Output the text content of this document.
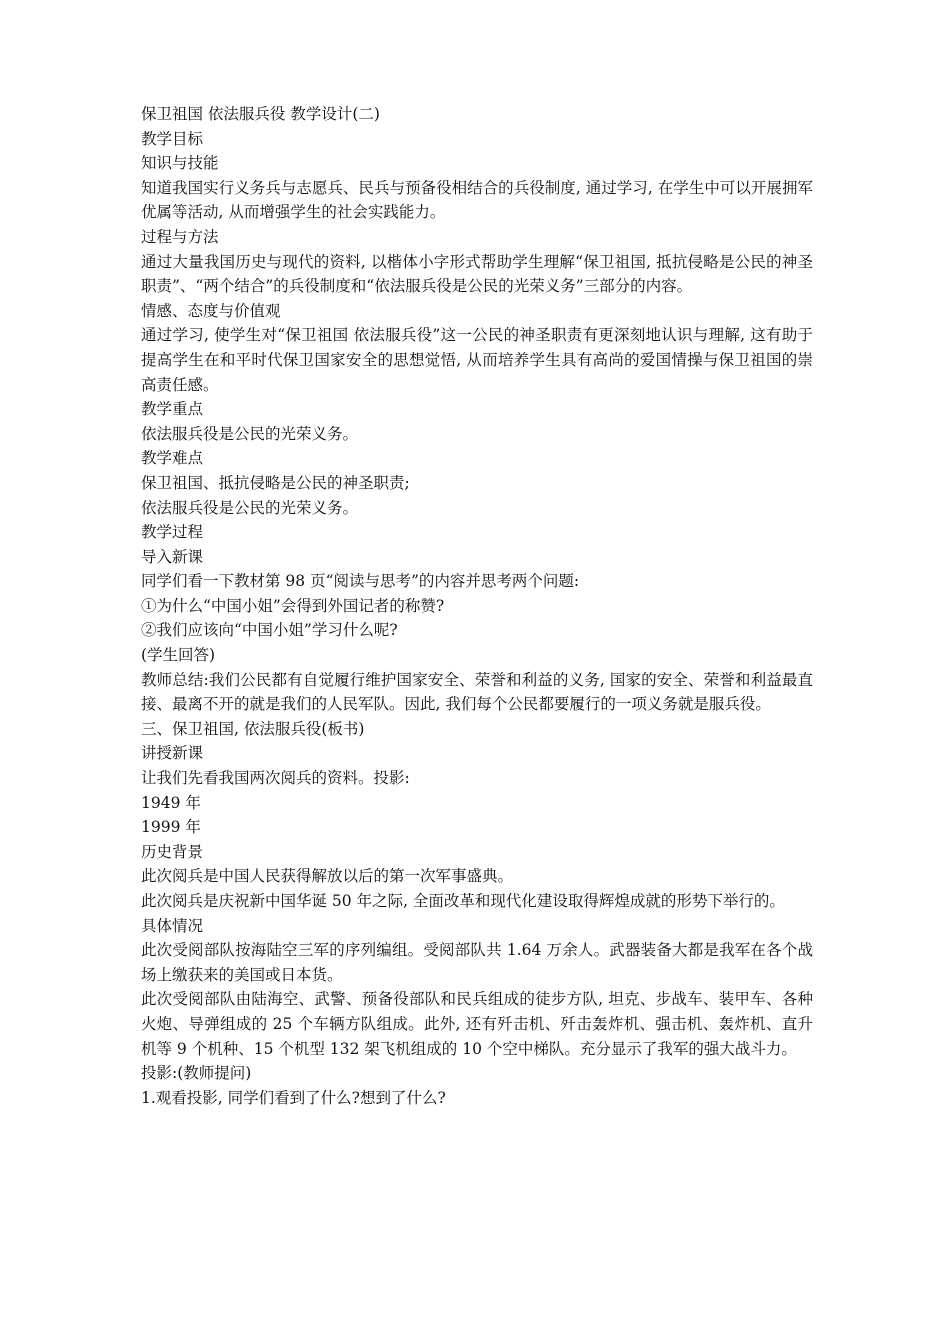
保卫祖国 依法服兵役 教学设计(二)

教学目标

知识与技能

知道我国实行义务兵与志愿兵、民兵与预备役相结合的兵役制度, 通过学习, 在学生中可以开展拥军优属等活动, 从而增强学生的社会实践能力。

过程与方法

通过大量我国历史与现代的资料, 以楷体小字形式帮助学生理解“保卫祖国, 抵抗侵略是公民的神圣职责”、“两个结合”的兵役制度和“依法服兵役是公民的光荣义务”三部分的内容。

情感、态度与价值观

通过学习, 使学生对“保卫祖国 依法服兵役”这一公民的神圣职责有更深刻地认识与理解, 这有助于提高学生在和平时代保卫国家安全的思想觉悟, 从而培养学生具有高尚的爱国情操与保卫祖国的崇高责任感。

教学重点

依法服兵役是公民的光荣义务。

教学难点

保卫祖国、抵抗侵略是公民的神圣职责;

依法服兵役是公民的光荣义务。

教学过程

导入新课

同学们看一下教材第 98 页“阅读与思考”的内容并思考两个问题:

①为什么“中国小姐”会得到外国记者的称赞?

②我们应该向“中国小姐”学习什么呢?

(学生回答)

教师总结:我们公民都有自觉履行维护国家安全、荣誉和利益的义务, 国家的安全、荣誉和利益最直接、最离不开的就是我们的人民军队。因此, 我们每个公民都要履行的一项义务就是服兵役。

三、保卫祖国, 依法服兵役(板书)

讲授新课

让我们先看我国两次阅兵的资料。投影:

1949 年

1999 年

历史背景

此次阅兵是中国人民获得解放以后的第一次军事盛典。

此次阅兵是庆祝新中国华诞 50 年之际, 全面改革和现代化建设取得辉煌成就的形势下举行的。

具体情况

此次受阅部队按海陆空三军的序列编组。受阅部队共 1.64 万余人。武器装备大都是我军在各个战场上缴获来的美国或日本货。

此次受阅部队由陆海空、武警、预备役部队和民兵组成的徒步方队, 坦克、步战车、装甲车、各种火炮、导弹组成的 25 个车辆方队组成。此外, 还有歼击机、歼击轰炸机、强击机、轰炸机、直升机等 9 个机种、15 个机型 132 架飞机组成的 10 个空中梯队。充分显示了我军的强大战斗力。

投影:(教师提问)

1.观看投影, 同学们看到了什么?想到了什么?
